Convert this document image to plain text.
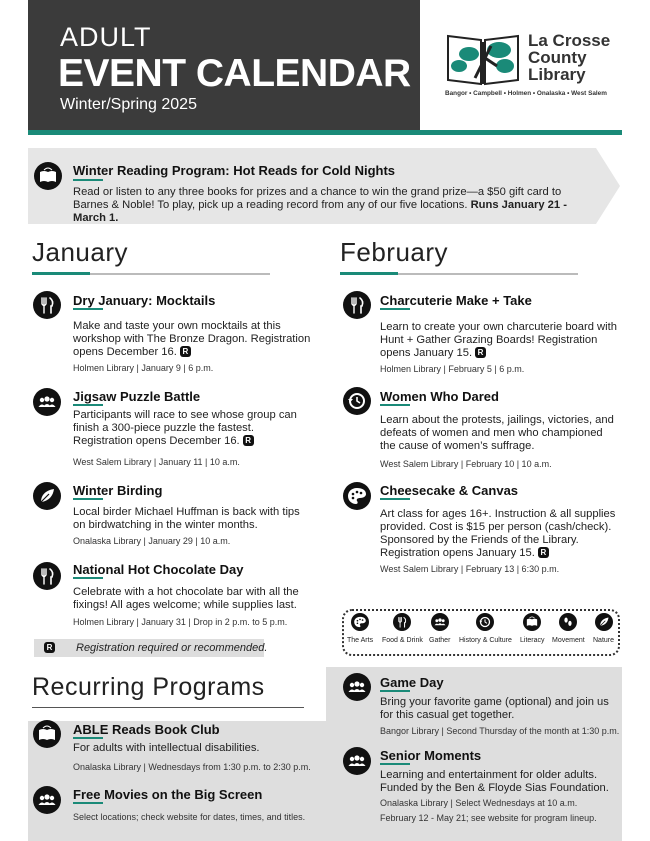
ADULT
EVENT CALENDAR
Winter/Spring 2025
La Crosse
County
Library
Bangor • Campbell • Holmen • Onalaska • West Salem
Winter Reading Program: Hot Reads for Cold Nights
Read or listen to any three books for prizes and a chance to win the grand prize—a $50 gift card to Barnes & Noble! To play, pick up a reading record from any of our five locations. Runs January 21 - March 1.
January	February
Dry January: Mocktails
Make and taste your own mocktails at this workshop with The Bronze Dragon. Registration opens December 16. R
Holmen Library | January 9 | 6 p.m.
Jigsaw Puzzle Battle
Participants will race to see whose group can finish a 300-piece puzzle the fastest. Registration opens December 16. R
West Salem Library | January 11 | 10 a.m.
Winter Birding
Local birder Michael Huffman is back with tips on birdwatching in the winter months.
Onalaska Library | January 29 | 10 a.m.
National Hot Chocolate Day
Celebrate with a hot chocolate bar with all the fixings! All ages welcome; while supplies last.
Holmen Library | January 31 | Drop in 2 p.m. to 5 p.m.
Charcuterie Make + Take
Learn to create your own charcuterie board with Hunt + Gather Grazing Boards! Registration opens January 15. R
Holmen Library | February 5 | 6 p.m.
Women Who Dared
Learn about the protests, jailings, victories, and defeats of women and men who championed the cause of women’s suffrage.
West Salem Library | February 10 | 10 a.m.
Cheesecake & Canvas
Art class for ages 16+. Instruction & all supplies provided. Cost is $15 per person (cash/check). Sponsored by the Friends of the Library. Registration opens January 15. R
West Salem Library | February 13 | 6:30 p.m.
The Arts Food & Drink Gather History & Culture Literacy Movement Nature
R Registration required or recommended.
Recurring Programs
ABLE Reads Book Club
For adults with intellectual disabilities.
Onalaska Library | Wednesdays from 1:30 p.m. to 2:30 p.m.
Free Movies on the Big Screen
Select locations; check website for dates, times, and titles.
Game Day
Bring your favorite game (optional) and join us for this casual get together.
Bangor Library | Second Thursday of the month at 1:30 p.m.
Senior Moments
Learning and entertainment for older adults. Funded by the Ben & Floyde Sias Foundation.
Onalaska Library | Select Wednesdays at 10 a.m.
February 12 - May 21; see website for program lineup.
